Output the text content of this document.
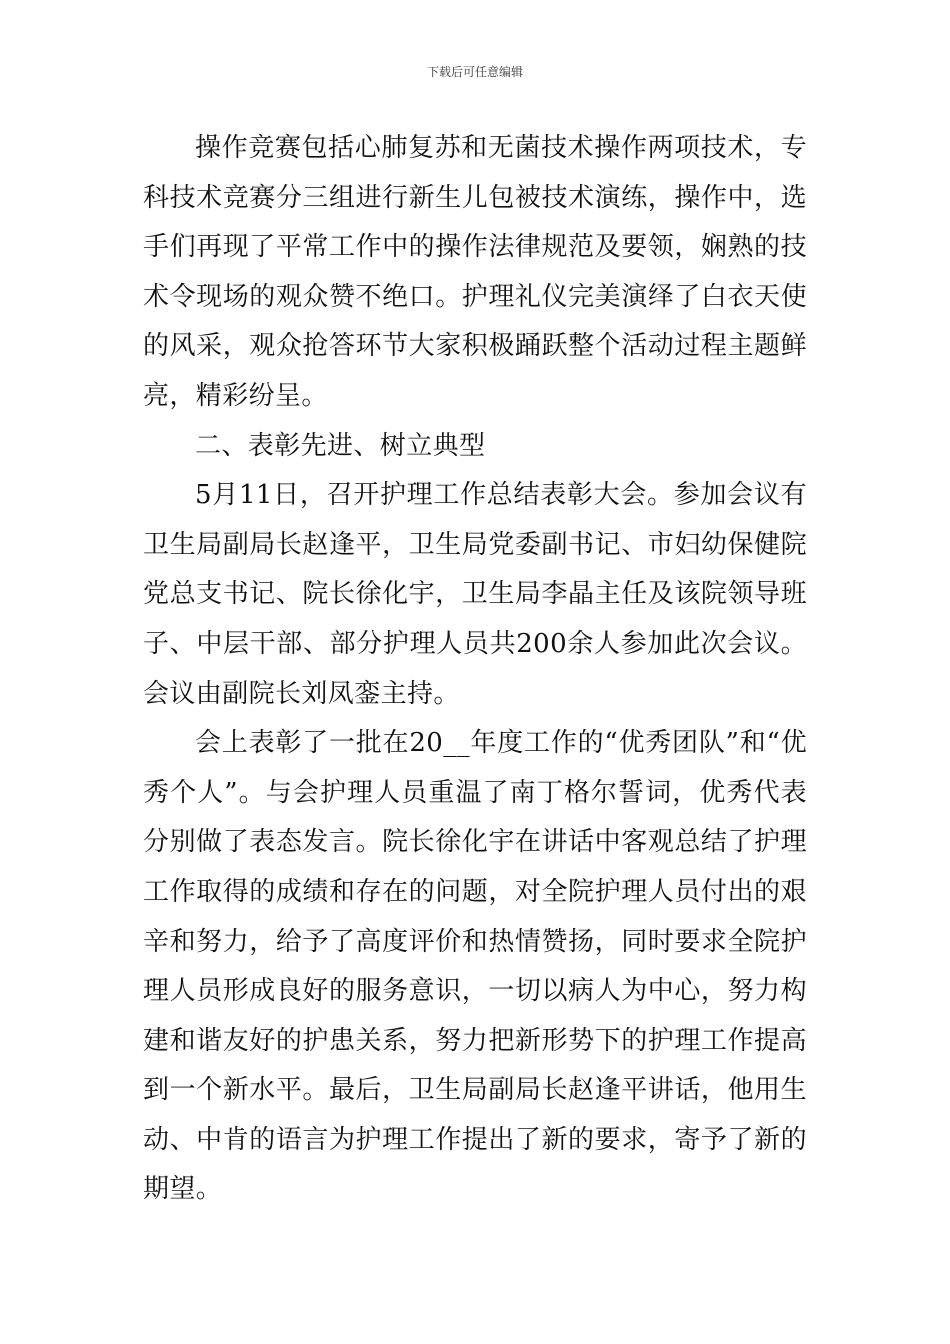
下载后可任意编辑

操作竞赛包括心肺复苏和无菌技术操作两项技术，专科技术竞赛分三组进行新生儿包被技术演练，操作中，选手们再现了平常工作中的操作法律规范及要领，娴熟的技术令现场的观众赞不绝口。护理礼仪完美演绎了白衣天使的风采，观众抢答环节大家积极踊跃整个活动过程主题鲜亮，精彩纷呈。

二、表彰先进、树立典型

5月11日，召开护理工作总结表彰大会。参加会议有卫生局副局长赵逢平，卫生局党委副书记、市妇幼保健院党总支书记、院长徐化宇，卫生局李晶主任及该院领导班子、中层干部、部分护理人员共200余人参加此次会议。会议由副院长刘凤銮主持。

会上表彰了一批在20__年度工作的“优秀团队”和“优秀个人”。与会护理人员重温了南丁格尔誓词，优秀代表分别做了表态发言。院长徐化宇在讲话中客观总结了护理工作取得的成绩和存在的问题，对全院护理人员付出的艰辛和努力，给予了高度评价和热情赞扬，同时要求全院护理人员形成良好的服务意识，一切以病人为中心，努力构建和谐友好的护患关系，努力把新形势下的护理工作提高到一个新水平。最后，卫生局副局长赵逢平讲话，他用生动、中肯的语言为护理工作提出了新的要求，寄予了新的期望。
